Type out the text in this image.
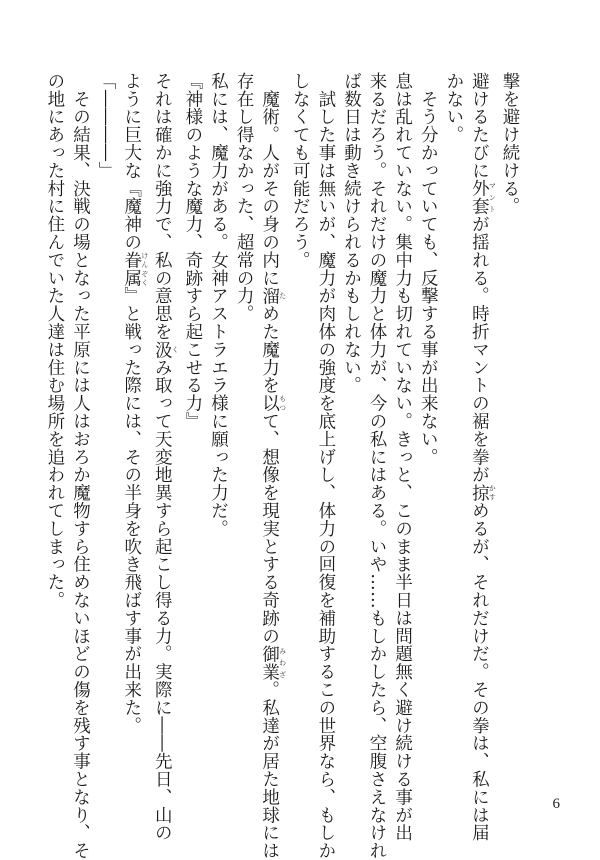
撃を避け続ける。
避けるたびに外套 マントが揺れる。時折マントの裾を拳が掠 かすめるが、それだけだ。その拳は、私には届
かない。
　そう分かっていても、反撃する事が出来ない。
息は乱れていない。集中力も切れていない。きっと、このまま半日は問題無く避け続ける事が出
来るだろう。それだけの魔力と体力が、今の私にはある。いや……もしかしたら、空腹さえなけれ
ば数日は動き続けられるかもしれない。
　試した事は無いが、魔力が肉体の強度を底上げし、体力の回復を補助するこの世界なら、もしか
しなくても可能だろう。
　魔術。人がその身の内に溜 ためた魔力を以 もつて、想像を現実とする奇跡の御業 みわざ。私達が居た地球には
存在し得なかった、超常の力。
私には、魔力がある。女神アストラエラ様に願った力だ。
『神様のような魔力、奇跡すら起こせる力』
それは確かに強力で、私の意思を汲 くみ取って天変地異すら起こし得る力。実際に――先日、山の
ように巨大な『魔神の眷属 けんぞく』と戦った際には、その半身を吹き飛ばす事が出来た。
「――――」
　その結果、決戦の場となった平原には人はおろか魔物すら住めないほどの傷を残す事となり、そ
の地にあった村に住んでいた人達は住む場所を追われてしまった。
6
